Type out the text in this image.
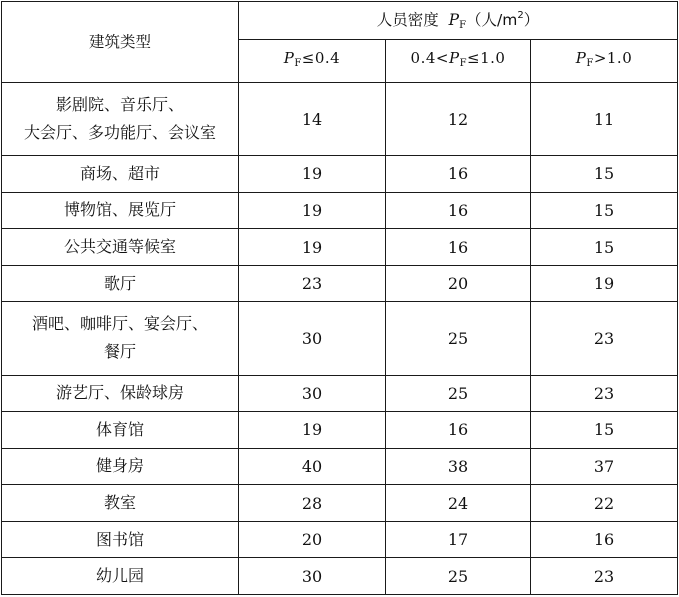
建筑类型	人员密度 $P_F$（人$/m^2$）		
	$P_F\le 0.4$	$0.4<P_F\le 1.0$	$P_F>1.0$

影剧院、音乐厅、
大会厅、多功能厅、会议室	14	12	11

商场、超市	19	16	15

博物馆、展览厅	19	16	15

公共交通等候室	19	16	15

歌厅	23	20	19

酒吧、咖啡厅、宴会厅、
餐厅	30	25	23

游艺厅、保龄球房	30	25	23

体育馆	19	16	15

健身房	40	38	37

教室	28	24	22

图书馆	20	17	16

幼儿园	30	25	23
